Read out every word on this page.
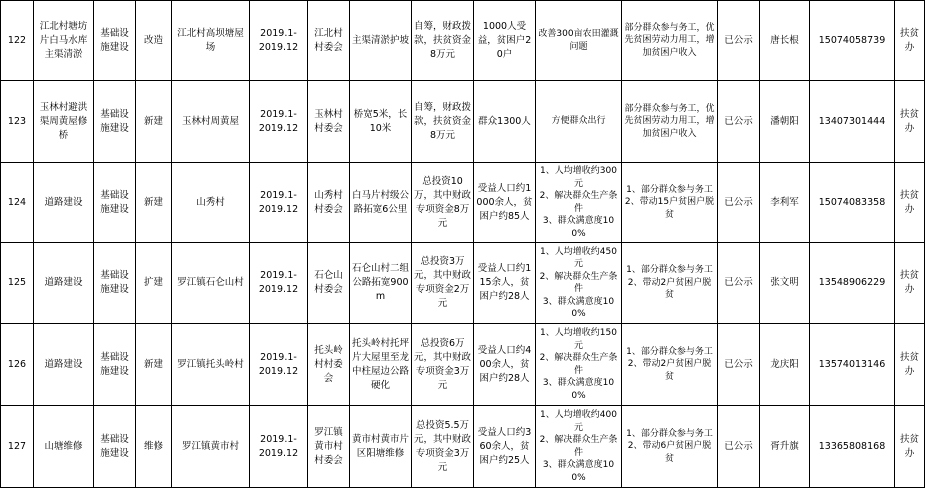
122	江北村塘坊片白马水库主渠清淤	基础设施建设	改造	江北村高坝塘屋场	2019.1-
2019.12	江北村村委会	主渠清淤护坡	自筹，财政拨款，扶贫资金8万元	1000人受益，贫困户20户	改善300亩农田灌溉问题	部分群众参与务工，优先贫困劳动力用工，增加贫困户收入	已公示	唐长根	15074058739	扶贫办
123	玉林村避洪渠周黄屋修桥	基础设施建设	新建	玉林村周黄屋	2019.1-
2019.12	玉林村村委会	桥宽5米，长10米	自筹，财政拨款，扶贫资金8万元	群众1300人	方便群众出行	部分群众参与务工，优先贫困劳动力用工，增加贫困户收入	已公示	潘朝阳	13407301444	扶贫办
124	道路建设	基础设施建设	新建	山秀村	2019.1-
2019.12	山秀村村委会	白马片村级公路拓宽6公里	总投资10万，其中财政专项资金8万元	受益人口约1000余人，贫困户约85人	1、人均增收约300元
2、解决群众生产条件
3、群众满意度100%	1、部分群众参与务工
2、带动15户贫困户脱贫	已公示	李利军	15074083358	扶贫办
125	道路建设	基础设施建设	扩建	罗江镇石仑山村	2019.1-
2019.12	石仑山村委会	石仑山村二组公路拓宽900m	总投资3万元，其中财政专项资金2万元	受益人口约115余人，贫困户约28人	1、人均增收约450元
2、解决群众生产条件
3、群众满意度100%	1、部分群众参与务工
2、带动2户贫困户脱贫	已公示	张文明	13548906229	扶贫办
126	道路建设	基础设施建设	新建	罗江镇托头岭村	2019.1-
2019.12	托头岭村村委会	托头岭村托坪片大屋里至龙中柱屋边公路硬化	总投资6万元，其中财政专项资金3万元	受益人口约400余人，贫困户约28人	1、人均增收约150元
2、解决群众生产条件
3、群众满意度100%	1、部分群众参与务工
2、带动2户贫困户脱贫	已公示	龙庆阳	13574013146	扶贫办
127	山塘维修	基础设施建设	维修	罗江镇黄市村	2019.1-
2019.12	罗江镇黄市村村委会	黄市村黄市片区阳塘维修	总投资5.5万元，其中财政专项资金3万元	受益人口约360余人，贫困户约25人	1、人均增收约400元
2、解决群众生产条件
3、群众满意度100%	1、部分群众参与务工
2、带动6户贫困户脱贫	已公示	胥升旗	13365808168	扶贫办
